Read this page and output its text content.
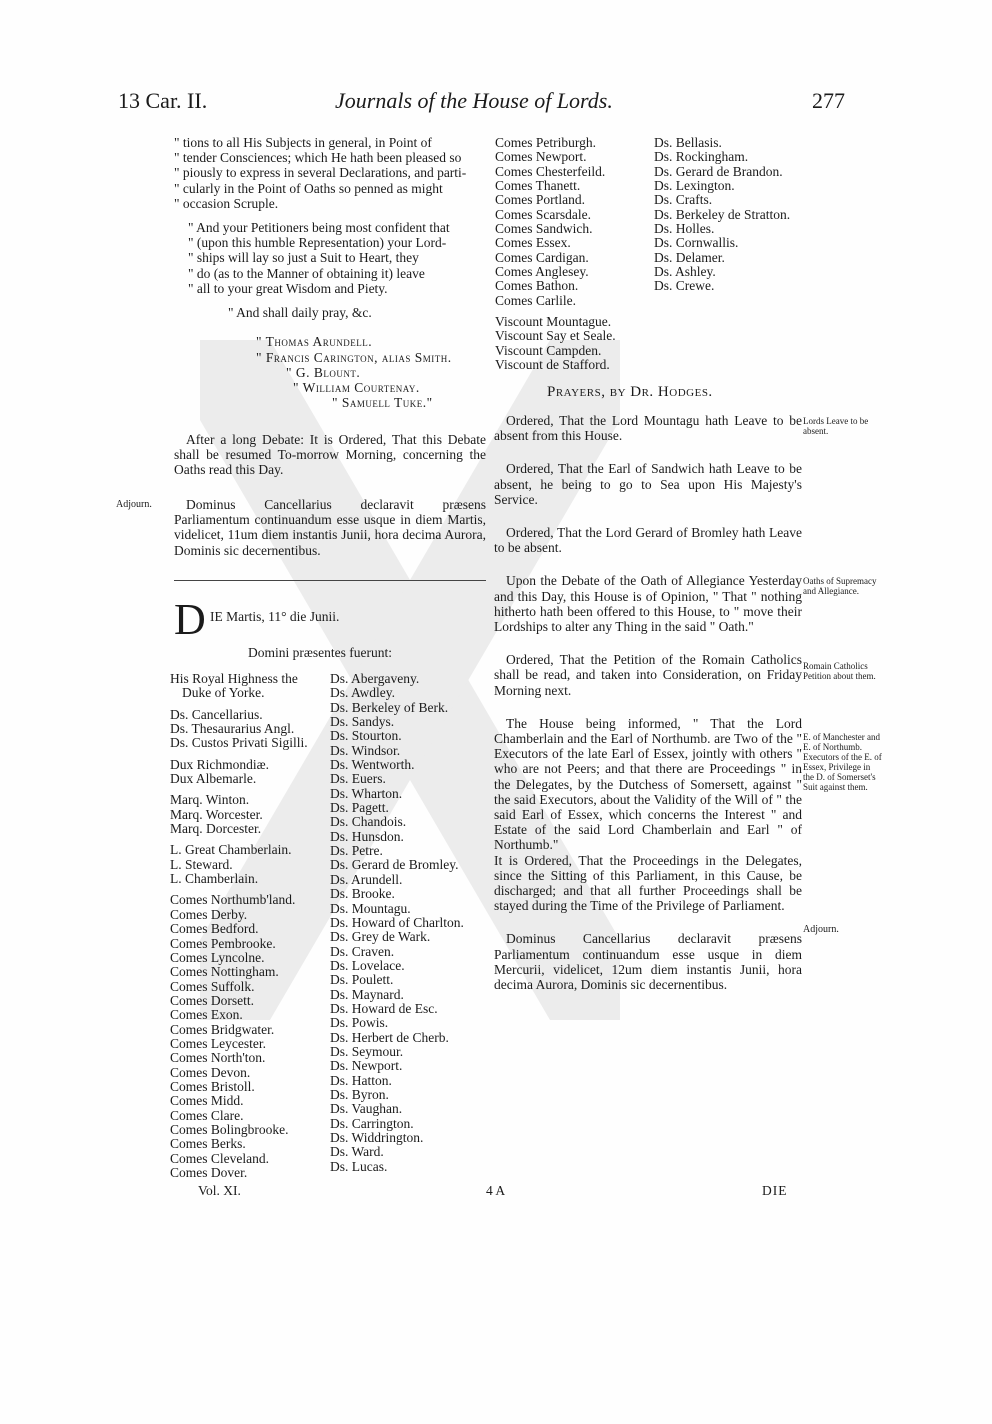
13 Car. II.	Journals of the House of Lords.	277
" tions to all His Subjects in general, in Point of
" tender Consciences; which He hath been pleased so
" piously to express in several Declarations, and parti-
" cularly in the Point of Oaths so penned as might
" occasion Scruple.
" And your Petitioners being most confident that
" (upon this humble Representation) your Lord-
" ships will lay so just a Suit to Heart, they
" do (as to the Manner of obtaining it) leave
" all to your great Wisdom and Piety.
" And shall daily pray, &c.
" Thomas Arundell.
" Francis Carington, alias Smith.
" G. Blount.
" William Courtenay.
" Samuell Tuke."
After a long Debate: It is Ordered, That this Debate shall be resumed To-morrow Morning, concerning the Oaths read this Day.
Adjourn.	Dominus Cancellarius declaravit præsens Parliamentum continuandum esse usque in diem Martis, videlicet, 11um diem instantis Junii, hora decima Aurora, Dominis sic decernentibus.
D IE Martis, 11° die Junii.
Domini præsentes fuerunt:
His Royal Highness the
Duke of Yorke.
Ds. Cancellarius.
Ds. Thesaurarius Angl.
Ds. Custos Privati Sigilli.
Dux Richmondiæ.
Dux Albemarle.
Marq. Winton.
Marq. Worcester.
Marq. Dorcester.
L. Great Chamberlain.
L. Steward.
L. Chamberlain.
Comes Northumb'land.
Comes Derby.
Comes Bedford.
Comes Pembrooke.
Comes Lyncolne.
Comes Nottingham.
Comes Suffolk.
Comes Dorsett.
Comes Exon.
Comes Bridgwater.
Comes Leycester.
Comes North'ton.
Comes Devon.
Comes Bristoll.
Comes Midd.
Comes Clare.
Comes Bolingbrooke.
Comes Berks.
Comes Cleveland.
Comes Dover.
Ds. Abergaveny.
Ds. Awdley.
Ds. Berkeley of Berk.
Ds. Sandys.
Ds. Stourton.
Ds. Windsor.
Ds. Wentworth.
Ds. Euers.
Ds. Wharton.
Ds. Pagett.
Ds. Chandois.
Ds. Hunsdon.
Ds. Petre.
Ds. Gerard de Bromley.
Ds. Arundell.
Ds. Brooke.
Ds. Mountagu.
Ds. Howard of Charlton.
Ds. Grey de Wark.
Ds. Craven.
Ds. Lovelace.
Ds. Poulett.
Ds. Maynard.
Ds. Howard de Esc.
Ds. Powis.
Ds. Herbert de Cherb.
Ds. Seymour.
Ds. Newport.
Ds. Hatton.
Ds. Byron.
Ds. Vaughan.
Ds. Carrington.
Ds. Widdrington.
Ds. Ward.
Ds. Lucas.
Vol. XI.
Comes Petriburgh.
Comes Newport.
Comes Chesterfeild.
Comes Thanett.
Comes Portland.
Comes Scarsdale.
Comes Sandwich.
Comes Essex.
Comes Cardigan.
Comes Anglesey.
Comes Bathon.
Comes Carlile.
Viscount Mountague.
Viscount Say et Seale.
Viscount Campden.
Viscount de Stafford.
Ds. Bellasis.
Ds. Rockingham.
Ds. Gerard de Brandon.
Ds. Lexington.
Ds. Crafts.
Ds. Berkeley de Stratton.
Ds. Holles.
Ds. Cornwallis.
Ds. Delamer.
Ds. Ashley.
Ds. Crewe.
Prayers, by Dr. Hodges.
Lords Leave to be absent.

Ordered, That the Lord Mountagu hath Leave to be absent from this House.

Ordered, That the Earl of Sandwich hath Leave to be absent, he being to go to Sea upon His Majesty's Service.

Ordered, That the Lord Gerard of Bromley hath Leave to be absent.

Upon the Debate of the Oath of Allegiance Yesterday and this Day, this House is of Opinion, " That " nothing hitherto hath been offered to this House, to " move their Lordships to alter any Thing in the said " Oath."

Ordered, That the Petition of the Romain Catholics shall be read, and taken into Consideration, on Friday Morning next.

The House being informed, " That the Lord Chamberlain and the Earl of Northumb. are Two of the " Executors of the late Earl of Essex, jointly with others " who are not Peers; and that there are Proceedings " in the Delegates, by the Dutchess of Somersett, against " the said Executors, about the Validity of the Will of " the said Earl of Essex, which concerns the Interest " and Estate of the said Lord Chamberlain and Earl " of Northumb."

It is Ordered, That the Proceedings in the Delegates, since the Sitting of this Parliament, in this Cause, be discharged; and that all further Proceedings shall be stayed during the Time of the Privilege of Parliament.

Dominus Cancellarius declaravit præsens Parliamentum continuandum esse usque in diem Mercurii, videlicet, 12um diem instantis Junii, hora decima Aurora, Dominis sic decernentibus.

Oaths of Supremacy and Allegiance.
Romain Catholics Petition about them.
E. of Manchester and E. of Northumb. Executors of the E. of Essex, Privilege in the D. of Somerset's Suit against them.
Adjourn.
4 A	DIE
